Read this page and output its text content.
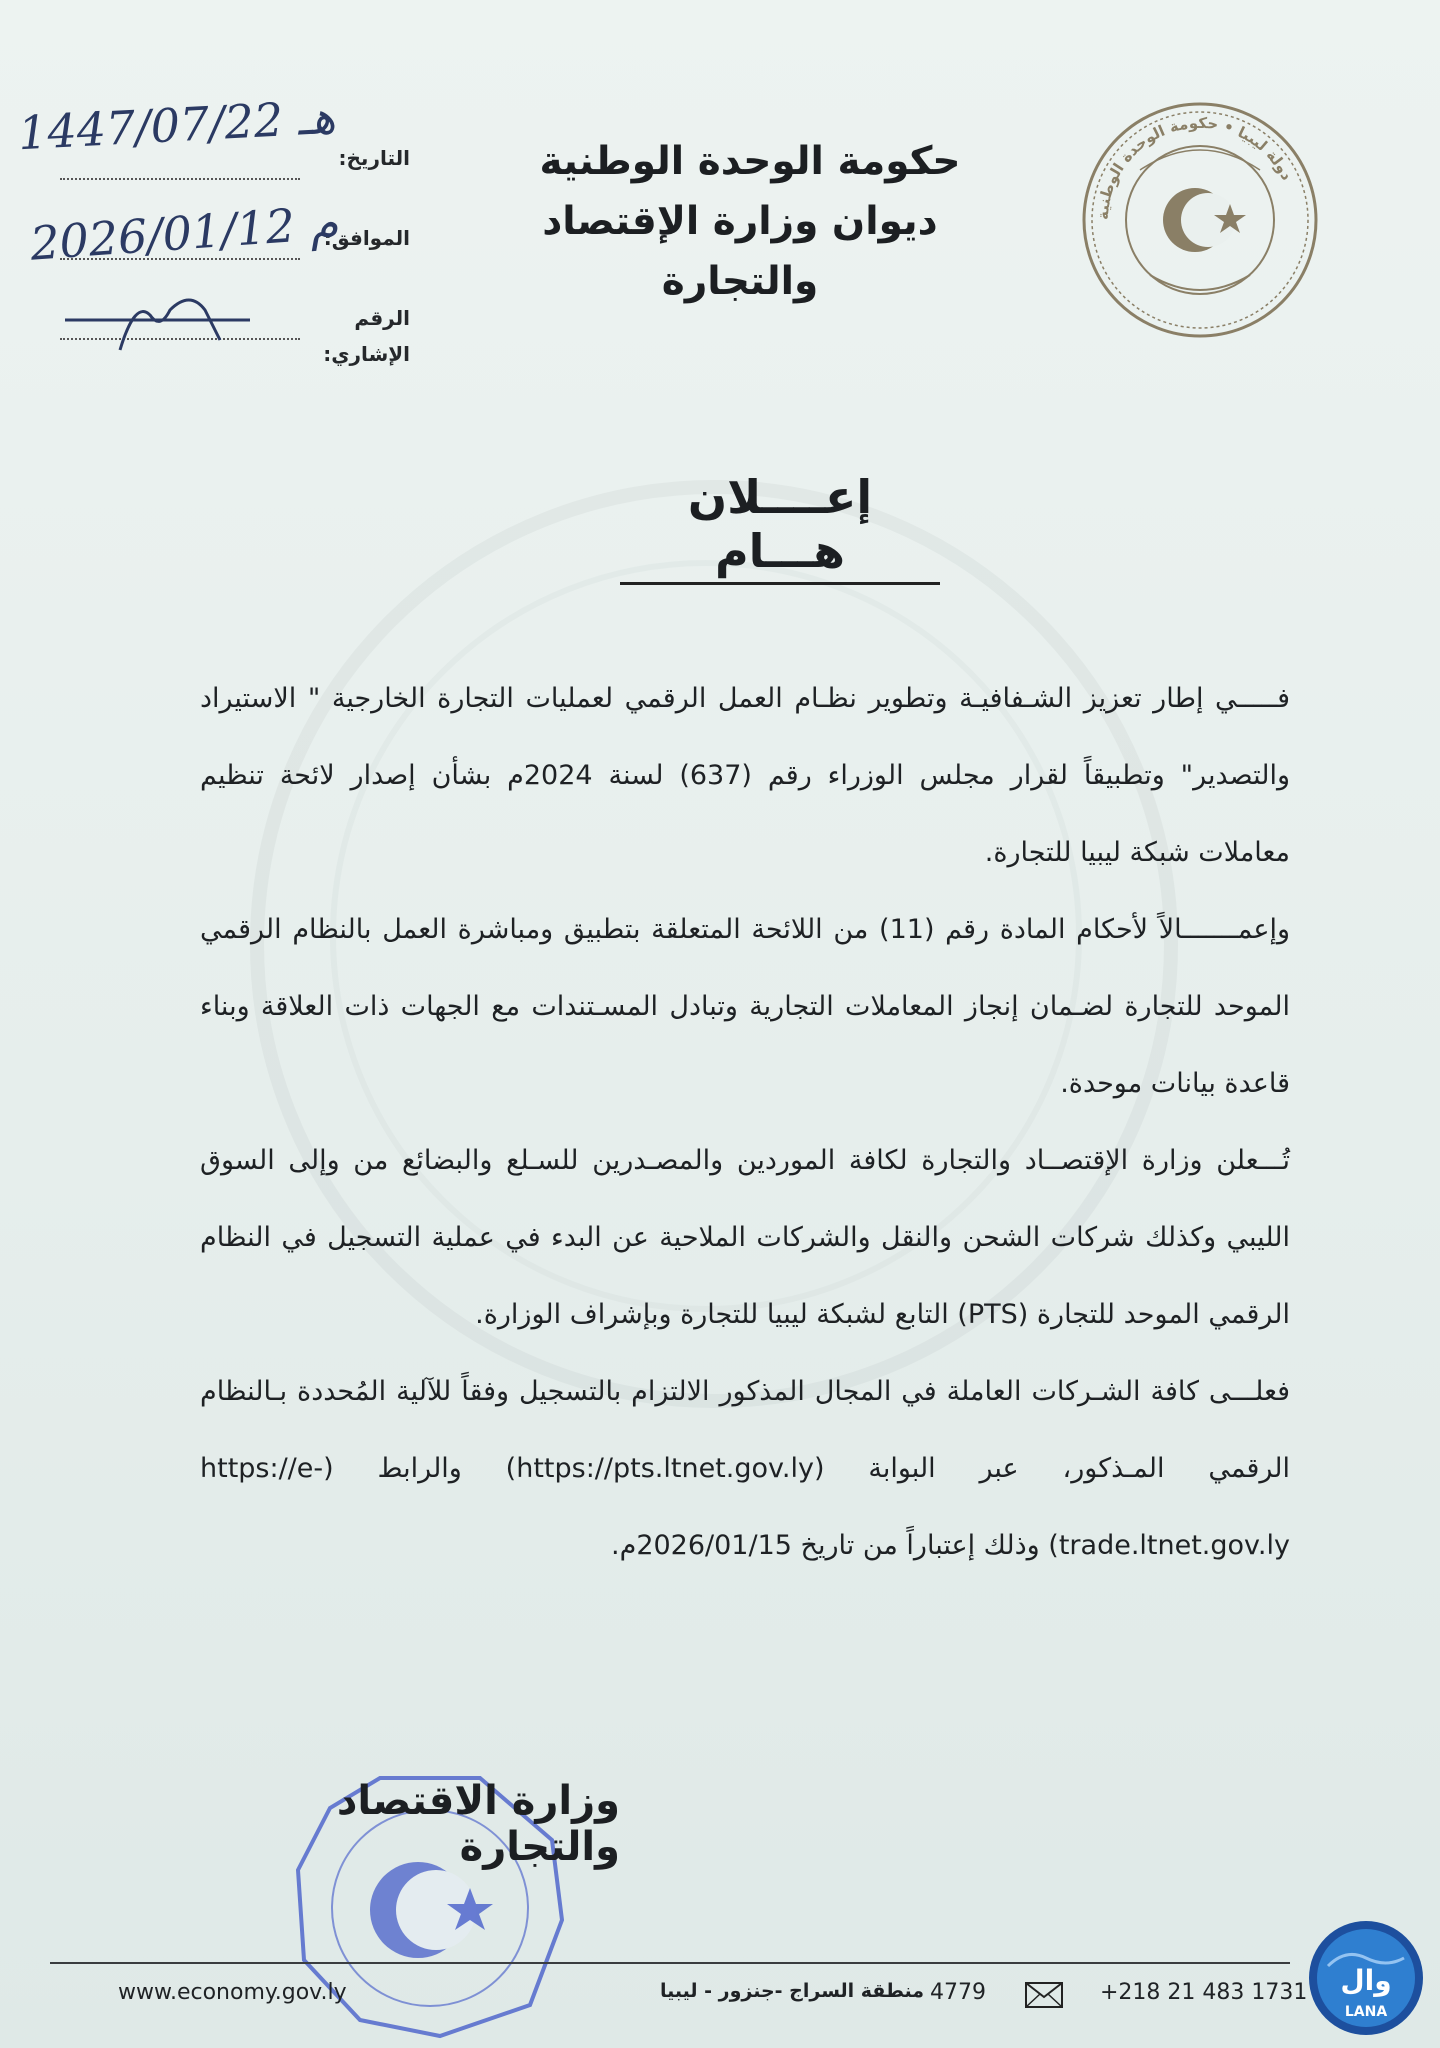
دولة ليبيا • حكومة الوحدة الوطنية
حكومة الوحدة الوطنية
ديوان وزارة الإقتصاد والتجارة
التاريخ:
الموافق:
الرقم الإشاري:
1447/07/22 هـ
2026/01/12 م
إعــــلان هـــام

فـــــي إطار تعزيز الشـفافيـة وتطوير نظـام العمل الرقمي لعمليات التجارة الخارجية " الاستيراد والتصدير" وتطبيقاً لقرار مجلس الوزراء رقم (637) لسنة 2024م بشأن إصدار لائحة تنظيم معاملات شبكة ليبيا للتجارة.

وإعمـــــــالاً لأحكام المادة رقم (11) من اللائحة المتعلقة بتطبيق ومباشرة العمل بالنظام الرقمي الموحد للتجارة لضـمان إنجاز المعاملات التجارية وتبادل المسـتندات مع الجهات ذات العلاقة وبناء قاعدة بيانات موحدة.

تُـــعلن وزارة الإقتصــاد والتجارة لكافة الموردين والمصـدرين للسـلع والبضائع من وإلى السوق الليبي وكذلك شركات الشحن والنقل والشركات الملاحية عن البدء في عملية التسجيل في النظام الرقمي الموحد للتجارة (PTS) التابع لشبكة ليبيا للتجارة وبإشراف الوزارة.

فعلـــى كافة الشـركات العاملة في المجال المذكور الالتزام بالتسجيل وفقاً للآلية المُحددة بـالنظام الرقمي المـذكور، عبر البوابة (https://pts.ltnet.gov.ly) والرابط (https://e-trade.ltnet.gov.ly) وذلك إعتباراً من تاريخ 2026/01/15م.

وزارة الاقتصاد والتجارة
www.economy.gov.ly	منطقة السراج -جنزور - ليبيا 4779	+218 21 483 1731 وال
LANA
